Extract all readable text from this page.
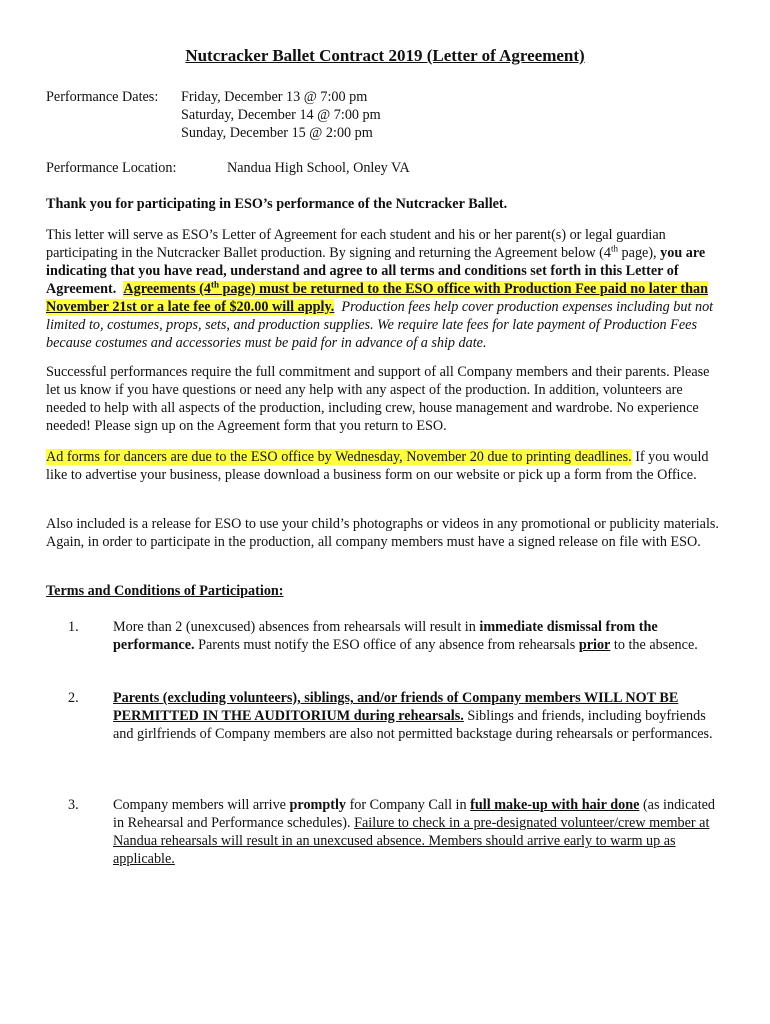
Nutcracker Ballet Contract 2019 (Letter of Agreement)
Performance Dates: Friday, December 13 @ 7:00 pm
Saturday, December 14 @ 7:00 pm
Sunday, December 15 @ 2:00 pm
Performance Location:	Nandua High School, Onley VA
Thank you for participating in ESO’s performance of the Nutcracker Ballet.

This letter will serve as ESO’s Letter of Agreement for each student and his or her parent(s) or legal guardian participating in the Nutcracker Ballet production. By signing and returning the Agreement below (4th page), you are indicating that you have read, understand and agree to all terms and conditions set forth in this Letter of Agreement. Agreements (4th page) must be returned to the ESO office with Production Fee paid no later than November 21st or a late fee of $20.00 will apply. Production fees help cover production expenses including but not limited to, costumes, props, sets, and production supplies. We require late fees for late payment of Production Fees because costumes and accessories must be paid for in advance of a ship date.

Successful performances require the full commitment and support of all Company members and their parents. Please let us know if you have questions or need any help with any aspect of the production. In addition, volunteers are needed to help with all aspects of the production, including crew, house management and wardrobe. No experience needed! Please sign up on the Agreement form that you return to ESO.

Ad forms for dancers are due to the ESO office by Wednesday, November 20 due to printing deadlines. If you would like to advertise your business, please download a business form on our website or pick up a form from the Office.

Also included is a release for ESO to use your child’s photographs or videos in any promotional or publicity materials. Again, in order to participate in the production, all company members must have a signed release on file with ESO.

Terms and Conditions of Participation:
1. More than 2 (unexcused) absences from rehearsals will result in immediate dismissal from the performance. Parents must notify the ESO office of any absence from rehearsals prior to the absence.
2. Parents (excluding volunteers), siblings, and/or friends of Company members WILL NOT BE PERMITTED IN THE AUDITORIUM during rehearsals. Siblings and friends, including boyfriends and girlfriends of Company members are also not permitted backstage during rehearsals or performances.
3. Company members will arrive promptly for Company Call in full make-up with hair done (as indicated in Rehearsal and Performance schedules). Failure to check in a pre-designated volunteer/crew member at Nandua rehearsals will result in an unexcused absence. Members should arrive early to warm up as applicable.
